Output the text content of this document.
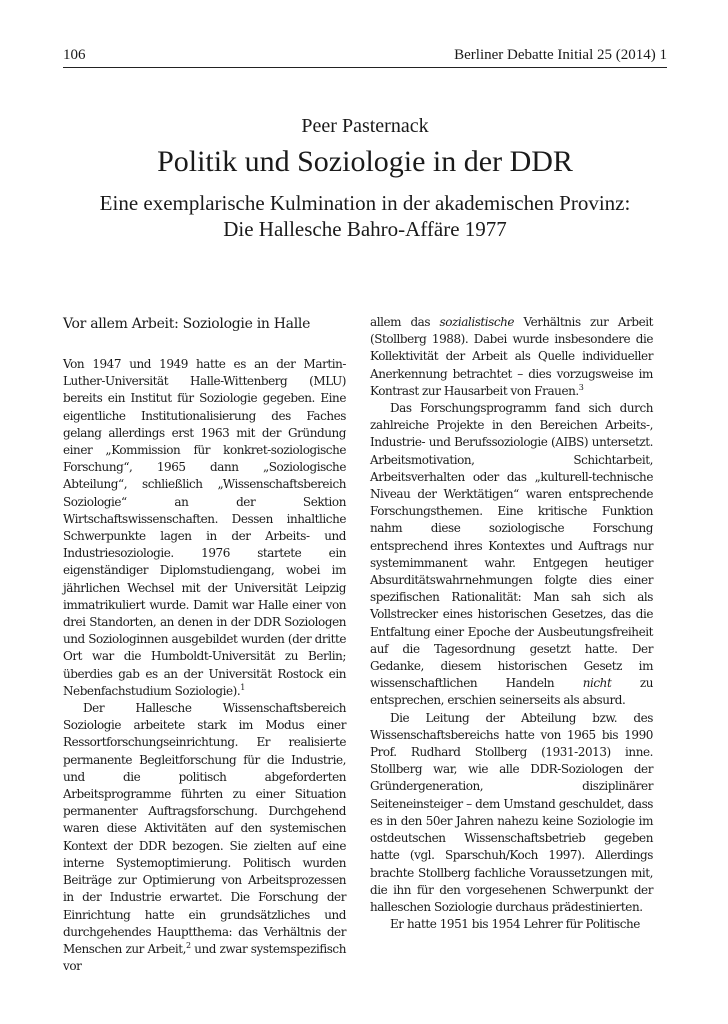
106	Berliner Debatte Initial 25 (2014) 1
Peer Pasternack
Politik und Soziologie in der DDR
Eine exemplarische Kulmination in der akademischen Provinz:
Die Hallesche Bahro-Affäre 1977
Vor allem Arbeit: Soziologie in Halle

Von 1947 und 1949 hatte es an der Martin-Luther-Universität Halle-Wittenberg (MLU) bereits ein Institut für Soziologie gegeben. Eine eigentliche Institutionalisierung des Faches gelang allerdings erst 1963 mit der Gründung einer „Kommission für konkret-soziologische Forschung“, 1965 dann „Soziologische Abteilung“, schließlich „Wissenschaftsbereich Soziologie“ an der Sektion Wirtschaftswissenschaften. Dessen inhaltliche Schwerpunkte lagen in der Arbeits- und Industriesoziologie. 1976 startete ein eigenständiger Diplomstudiengang, wobei im jährlichen Wechsel mit der Universität Leipzig immatrikuliert wurde. Damit war Halle einer von drei Standorten, an denen in der DDR Soziologen und Soziologinnen ausgebildet wurden (der dritte Ort war die Humboldt-Universität zu Berlin; überdies gab es an der Universität Rostock ein Nebenfachstudium Soziologie).$^1$

Der Hallesche Wissenschaftsbereich Soziologie arbeitete stark im Modus einer Ressortforschungseinrichtung. Er realisierte permanente Begleitforschung für die Industrie, und die politisch abgeforderten Arbeitsprogramme führten zu einer Situation permanenter Auftragsforschung. Durchgehend waren diese Aktivitäten auf den systemischen Kontext der DDR bezogen. Sie zielten auf eine interne Systemoptimierung. Politisch wurden Beiträge zur Optimierung von Arbeitsprozessen in der Industrie erwartet. Die Forschung der Einrichtung hatte ein grundsätzliches und durchgehendes Hauptthema: das Verhältnis der Menschen zur Arbeit,$^2$ und zwar systemspezifisch vor

allem das sozialistische Verhältnis zur Arbeit (Stollberg 1988). Dabei wurde insbesondere die Kollektivität der Arbeit als Quelle individueller Anerkennung betrachtet – dies vorzugsweise im Kontrast zur Hausarbeit von Frauen.$^3$

Das Forschungsprogramm fand sich durch zahlreiche Projekte in den Bereichen Arbeits-, Industrie- und Berufssoziologie (AIBS) untersetzt. Arbeitsmotivation, Schichtarbeit, Arbeitsverhalten oder das „kulturell-technische Niveau der Werktätigen“ waren entsprechende Forschungsthemen. Eine kritische Funktion nahm diese soziologische Forschung entsprechend ihres Kontextes und Auftrags nur systemimmanent wahr. Entgegen heutiger Absurditätswahrnehmungen folgte dies einer spezifischen Rationalität: Man sah sich als Vollstrecker eines historischen Gesetzes, das die Entfaltung einer Epoche der Ausbeutungsfreiheit auf die Tagesordnung gesetzt hatte. Der Gedanke, diesem historischen Gesetz im wissenschaftlichen Handeln nicht zu entsprechen, erschien seinerseits als absurd.

Die Leitung der Abteilung bzw. des Wissenschaftsbereichs hatte von 1965 bis 1990 Prof. Rudhard Stollberg (1931-2013) inne. Stollberg war, wie alle DDR-Soziologen der Gründergeneration, disziplinärer Seiteneinsteiger – dem Umstand geschuldet, dass es in den 50er Jahren nahezu keine Soziologie im ostdeutschen Wissenschaftsbetrieb gegeben hatte (vgl. Sparschuh/Koch 1997). Allerdings brachte Stollberg fachliche Voraussetzungen mit, die ihn für den vorgesehenen Schwerpunkt der halleschen Soziologie durchaus prädestinierten.

Er hatte 1951 bis 1954 Lehrer für Politische
